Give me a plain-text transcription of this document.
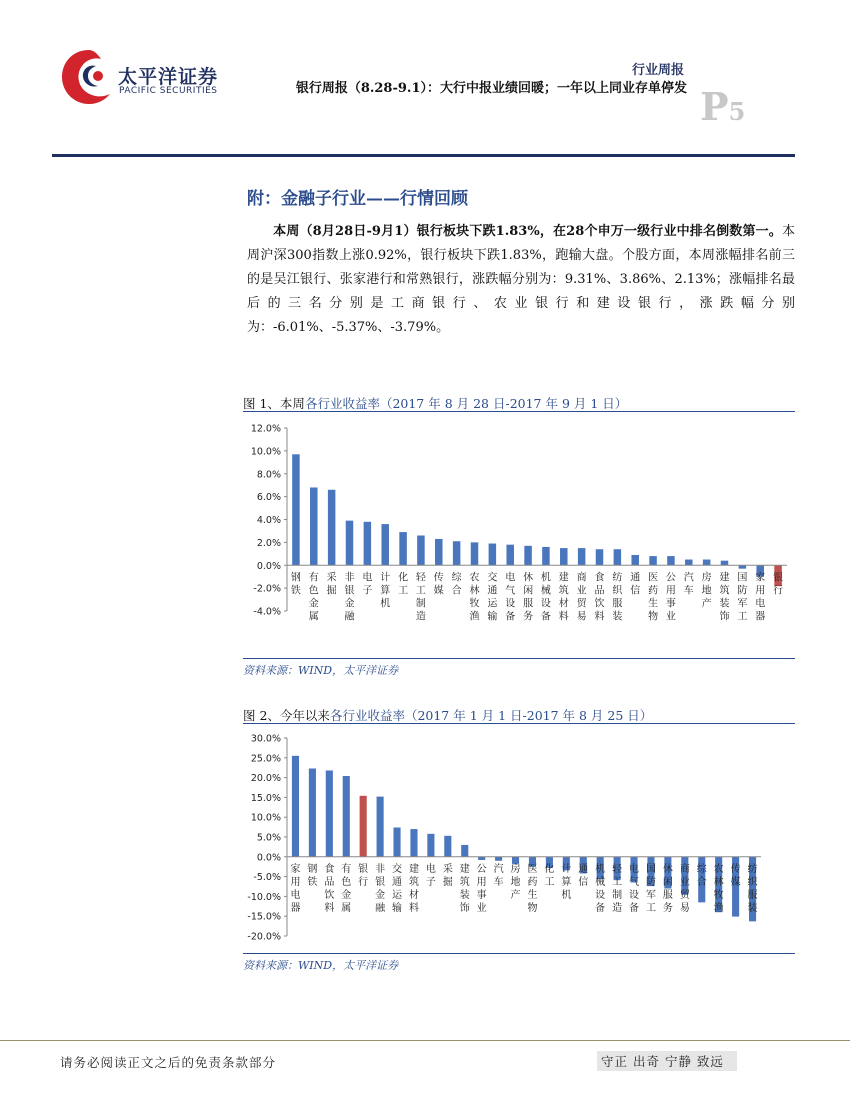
太平洋证券
PACIFIC SECURITIES
行业周报
银行周报（8.28-9.1）：大行中报业绩回暖；一年以上同业存单停发 P5
附：金融子行业——行情回顾
本周（8月28日-9月1）银行板块下跌1.83%，在28个申万一级行业中排名倒数第一。本周沪深300指数上涨0.92%，银行板块下跌1.83%，跑输大盘。个股方面，本周涨幅排名前三的是吴江银行、张家港行和常熟银行，涨跌幅分别为：9.31%、3.86%、2.13%；涨幅排名最后的三名分别是工商银行、农业银行和建设银行，涨跌幅分别为：-6.01%、-5.37%、-3.79%。
图 1、本周各行业收益率（2017 年 8 月 28 日-2017 年 9 月 1 日）
12.0%
10.0%
8.0%
6.0%
4.0%
2.0%
0.0%
-2.0%
-4.0%
钢铁
有色金属
采掘
非银金融
电子
计算机
化工
轻工制造
传媒
综合
农林牧渔
交通运输
电气设备
休闲服务
机械设备
建筑材料
商业贸易
食品饮料
纺织服装
通信
医药生物
公用事业
汽车
房地产
建筑装饰
国防军工
家用电器
银行
资料来源：WIND，太平洋证券
图 2、今年以来各行业收益率（2017 年 1 月 1 日-2017 年 8 月 25 日）
30.0%
25.0%
20.0%
15.0%
10.0%
5.0%
0.0%
-5.0%
-10.0%
-15.0%
-20.0%
家用电器
钢铁
食品饮料
有色金属
银行
非银金融
交通运输
建筑材料
电子
采掘
建筑装饰
公用事业
汽车
房地产
医药生物
化工
计算机
通信
机械设备
轻工制造
电气设备
国防军工
休闲服务
商业贸易
综合
农林牧渔
传媒
纺织服装
资料来源：WIND，太平洋证券
请务必阅读正文之后的免责条款部分	守正 出奇 宁静 致远
